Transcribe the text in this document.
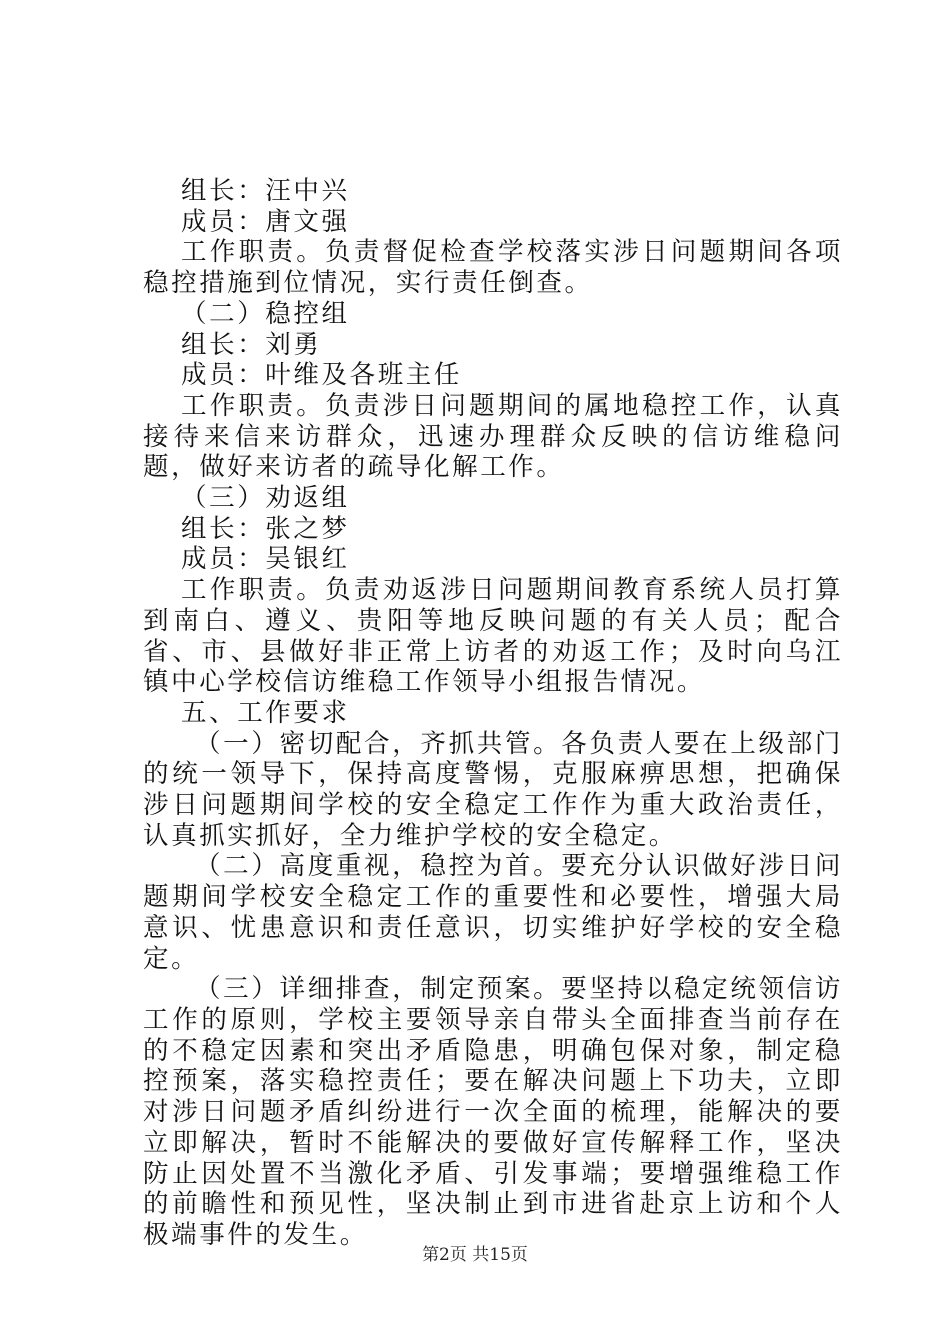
组长：汪中兴

成员：唐文强

工作职责。负责督促检查学校落实涉日问题期间各项稳控措施到位情况，实行责任倒查。

（二）稳控组

组长：刘勇

成员：叶维及各班主任

工作职责。负责涉日问题期间的属地稳控工作，认真接待来信来访群众，迅速办理群众反映的信访维稳问题，做好来访者的疏导化解工作。

（三）劝返组

组长：张之梦

成员：吴银红

工作职责。负责劝返涉日问题期间教育系统人员打算到南白、遵义、贵阳等地反映问题的有关人员；配合省、市、县做好非正常上访者的劝返工作；及时向乌江镇中心学校信访维稳工作领导小组报告情况。

五、工作要求

（一）密切配合，齐抓共管。各负责人要在上级部门的统一领导下，保持高度警惕，克服麻痹思想，把确保涉日问题期间学校的安全稳定工作作为重大政治责任，认真抓实抓好，全力维护学校的安全稳定。

（二）高度重视，稳控为首。要充分认识做好涉日问题期间学校安全稳定工作的重要性和必要性，增强大局意识、忧患意识和责任意识，切实维护好学校的安全稳定。

（三）详细排查，制定预案。要坚持以稳定统领信访工作的原则，学校主要领导亲自带头全面排查当前存在的不稳定因素和突出矛盾隐患，明确包保对象，制定稳控预案，落实稳控责任；要在解决问题上下功夫，立即对涉日问题矛盾纠纷进行一次全面的梳理，能解决的要立即解决，暂时不能解决的要做好宣传解释工作，坚决防止因处置不当激化矛盾、引发事端；要增强维稳工作的前瞻性和预见性，坚决制止到市进省赴京上访和个人极端事件的发生。

第2页 共15页
